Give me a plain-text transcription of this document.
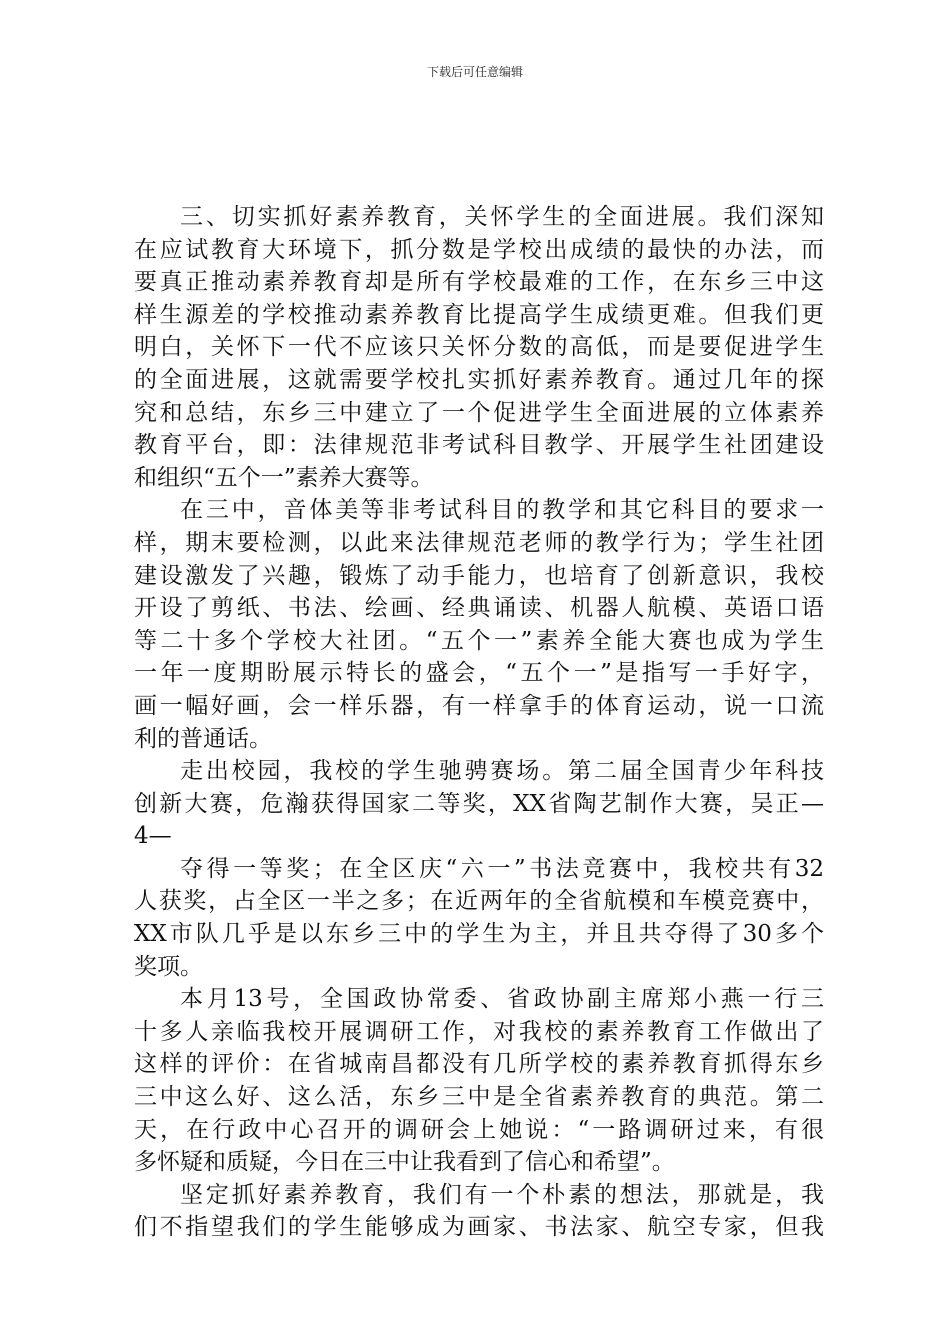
下载后可任意编辑
三、切实抓好素养教育，关怀学生的全面进展。我们深知
在应试教育大环境下，抓分数是学校出成绩的最快的办法，而
要真正推动素养教育却是所有学校最难的工作，在东乡三中这
样生源差的学校推动素养教育比提高学生成绩更难。但我们更
明白，关怀下一代不应该只关怀分数的高低，而是要促进学生
的全面进展，这就需要学校扎实抓好素养教育。通过几年的探
究和总结，东乡三中建立了一个促进学生全面进展的立体素养
教育平台，即：法律规范非考试科目教学、开展学生社团建设
和组织“五个一”素养大赛等。
在三中，音体美等非考试科目的教学和其它科目的要求一
样，期末要检测，以此来法律规范老师的教学行为；学生社团
建设激发了兴趣，锻炼了动手能力，也培育了创新意识，我校
开设了剪纸、书法、绘画、经典诵读、机器人航模、英语口语
等二十多个学校大社团。“五个一”素养全能大赛也成为学生
一年一度期盼展示特长的盛会，“五个一”是指写一手好字，
画一幅好画，会一样乐器，有一样拿手的体育运动，说一口流
利的普通话。
走出校园，我校的学生驰骋赛场。第二届全国青少年科技
创新大赛，危瀚获得国家二等奖，XX省陶艺制作大赛，吴正—
4—
夺得一等奖；在全区庆“六一”书法竞赛中，我校共有32
人获奖，占全区一半之多；在近两年的全省航模和车模竞赛中，
XX市队几乎是以东乡三中的学生为主，并且共夺得了30多个
奖项。
本月13号，全国政协常委、省政协副主席郑小燕一行三
十多人亲临我校开展调研工作，对我校的素养教育工作做出了
这样的评价：在省城南昌都没有几所学校的素养教育抓得东乡
三中这么好、这么活，东乡三中是全省素养教育的典范。第二
天，在行政中心召开的调研会上她说：“一路调研过来，有很
多怀疑和质疑，今日在三中让我看到了信心和希望”。
坚定抓好素养教育，我们有一个朴素的想法，那就是，我
们不指望我们的学生能够成为画家、书法家、航空专家，但我
